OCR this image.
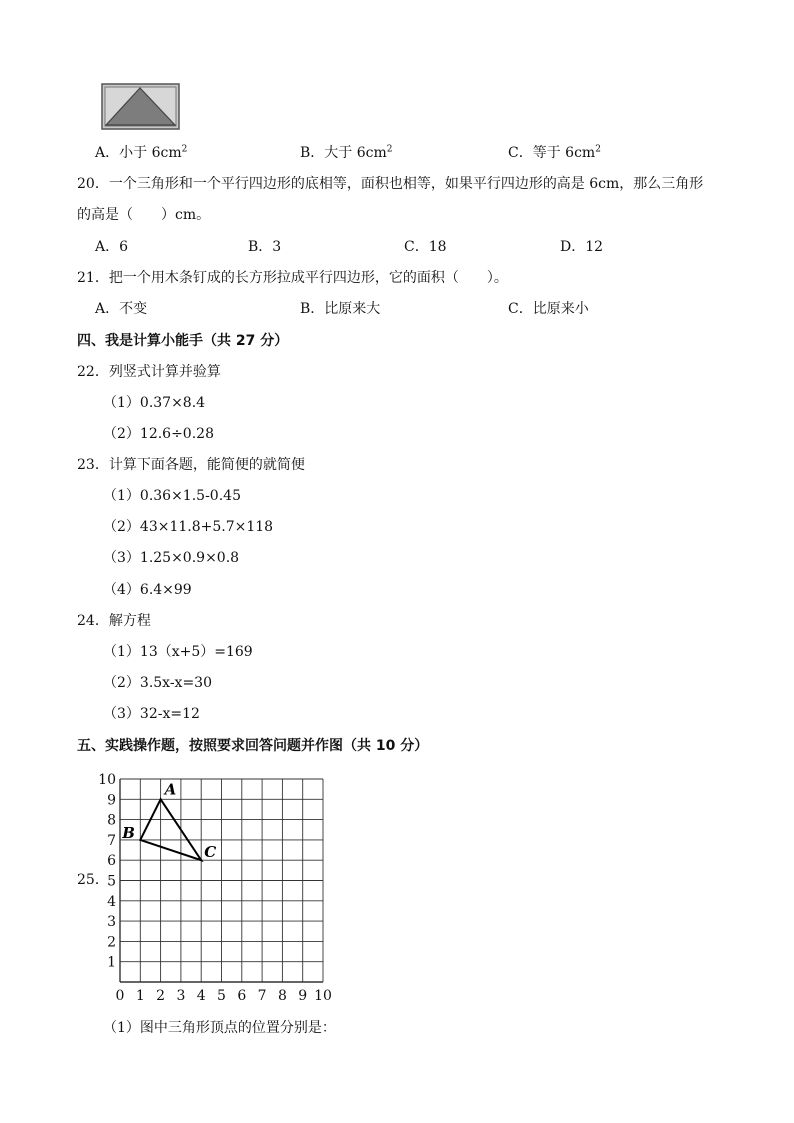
A．小于 $6cm^2$	B．大于 $6cm^2$	C．等于 $6cm^2$
20．一个三角形和一个平行四边形的底相等，面积也相等，如果平行四边形的高是 6cm，那么三角形
的高是（　　）cm。
A．6	B．3	C．18	D．12
21．把一个用木条钉成的长方形拉成平行四边形，它的面积（　　）。
A．不变	B．比原来大	C．比原来小
四、我是计算小能手（共 27 分）
22．列竖式计算并验算
（1）0.37×8.4
（2）12.6÷0.28
23．计算下面各题，能简便的就简便
（1）0.36×1.5-0.45
（2）43×11.8+5.7×118
（3）1.25×0.9×0.8
（4）6.4×99
24．解方程
（1）13（x+5）=169
（2）3.5x-x=30
（3）32-x=12
五、实践操作题，按照要求回答问题并作图（共 10 分）
25．
0 1 2 3 4 5 6 7 8 9 10
1
2
3
4
5
6
7
8
9
10
A
B
C
（1）图中三角形顶点的位置分别是：
